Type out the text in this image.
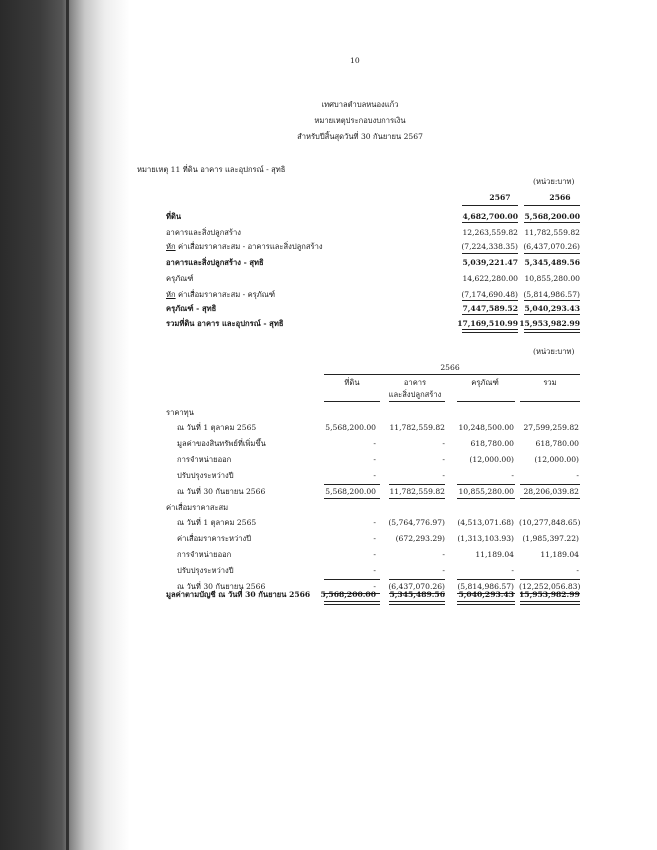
10
เทศบาลตำบลหนองแก้ว
หมายเหตุประกอบงบการเงิน
สำหรับปีสิ้นสุดวันที่ 30 กันยายน 2567
หมายเหตุ 11 ที่ดิน อาคาร และอุปกรณ์ - สุทธิ
(หน่วย:บาท)
2567	2566
ที่ดิน	4,682,700.00 5,568,200.00
อาคารและสิ่งปลูกสร้าง	12,263,559.82 11,782,559.82
หัก ค่าเสื่อมราคาสะสม - อาคารและสิ่งปลูกสร้าง	(7,224,338.35) (6,437,070.26)
อาคารและสิ่งปลูกสร้าง - สุทธิ	5,039,221.47 5,345,489.56
ครุภัณฑ์	14,622,280.00 10,855,280.00
หัก ค่าเสื่อมราคาสะสม - ครุภัณฑ์	(7,174,690.48) (5,814,986.57)
ครุภัณฑ์ - สุทธิ	7,447,589.52 5,040,293.43
รวมที่ดิน อาคาร และอุปกรณ์ - สุทธิ	17,169,510.99 15,953,982.99
(หน่วย:บาท)
2566
ที่ดิน	อาคาร
และสิ่งปลูกสร้าง
ครุภัณฑ์	รวม
ราคาทุน
ณ วันที่ 1 ตุลาคม 2565	5,568,200.00	11,782,559.82	10,248,500.00	27,599,259.82
มูลค่าของสินทรัพย์ที่เพิ่มขึ้น	-	-	618,780.00	618,780.00
การจำหน่ายออก	-	-	(12,000.00)	(12,000.00)
ปรับปรุงระหว่างปี	-	-	-	-
ณ วันที่ 30 กันยายน 2566	5,568,200.00	11,782,559.82	10,855,280.00	28,206,039.82
ค่าเสื่อมราคาสะสม
ณ วันที่ 1 ตุลาคม 2565	-	(5,764,776.97)	(4,513,071.68) (10,277,848.65)
ค่าเสื่อมราคาระหว่างปี	-	(672,293.29)	(1,313,103.93)	(1,985,397.22)
การจำหน่ายออก	-	-	11,189.04	11,189.04
ปรับปรุงระหว่างปี	-	-	-	-
ณ วันที่ 30 กันยายน 2566	-	(6,437,070.26)	(5,814,986.57) (12,252,056.83)
มูลค่าตามบัญชี ณ วันที่ 30 กันยายน 2566	5,568,200.00	5,345,489.56	5,040,293.43 15,953,982.99
